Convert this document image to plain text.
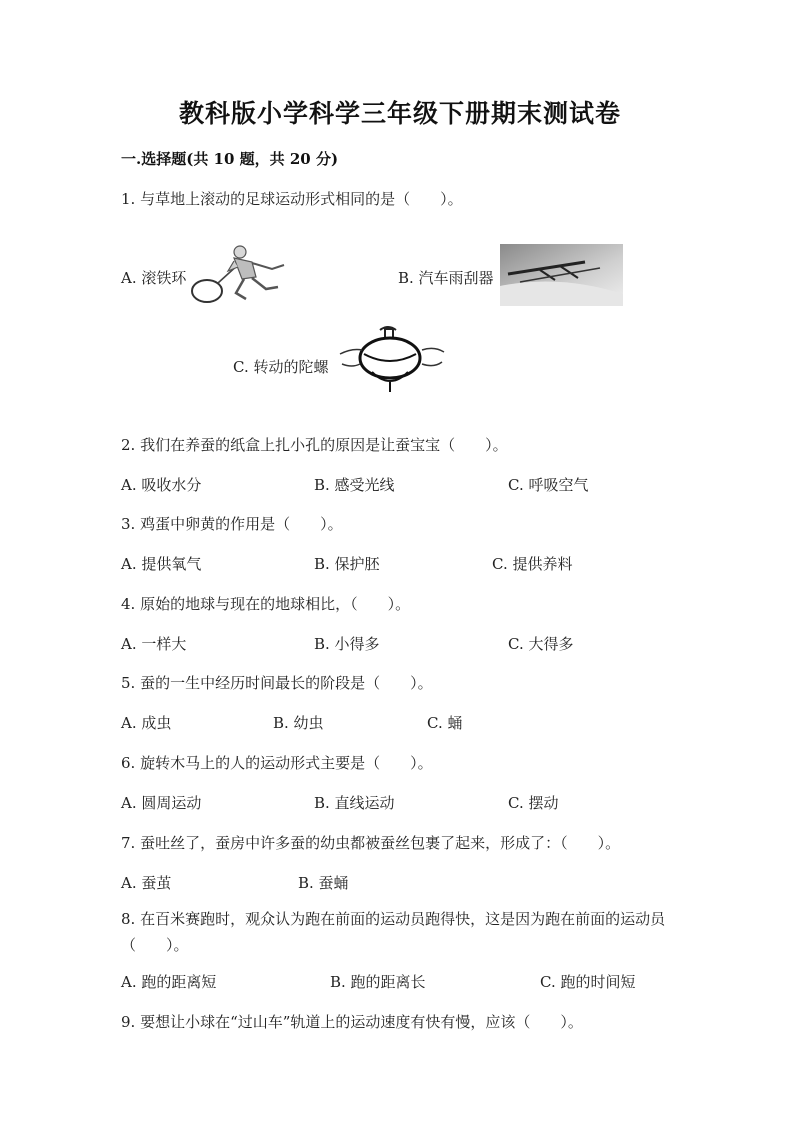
教科版小学科学三年级下册期末测试卷
一.选择题(共 10 题，共 20 分)
1. 与草地上滚动的足球运动形式相同的是（　　）。
A. 滚铁环	B. 汽车雨刮器
C. 转动的陀螺
2. 我们在养蚕的纸盒上扎小孔的原因是让蚕宝宝（　　）。
A. 吸收水分	B. 感受光线	C. 呼吸空气
3. 鸡蛋中卵黄的作用是（　　）。
A. 提供氧气	B. 保护胚	C. 提供养料
4. 原始的地球与现在的地球相比，（　　）。
A. 一样大	B. 小得多	C. 大得多
5. 蚕的一生中经历时间最长的阶段是（　　）。
A. 成虫	B. 幼虫	C. 蛹
6. 旋转木马上的人的运动形式主要是（　　）。
A. 圆周运动	B. 直线运动	C. 摆动
7. 蚕吐丝了，蚕房中许多蚕的幼虫都被蚕丝包裹了起来，形成了：（　　）。
A. 蚕茧	B. 蚕蛹
8. 在百米赛跑时，观众认为跑在前面的运动员跑得快，这是因为跑在前面的运动员（　　）。
A. 跑的距离短	B. 跑的距离长	C. 跑的时间短
9. 要想让小球在“过山车”轨道上的运动速度有快有慢，应该（　　）。
